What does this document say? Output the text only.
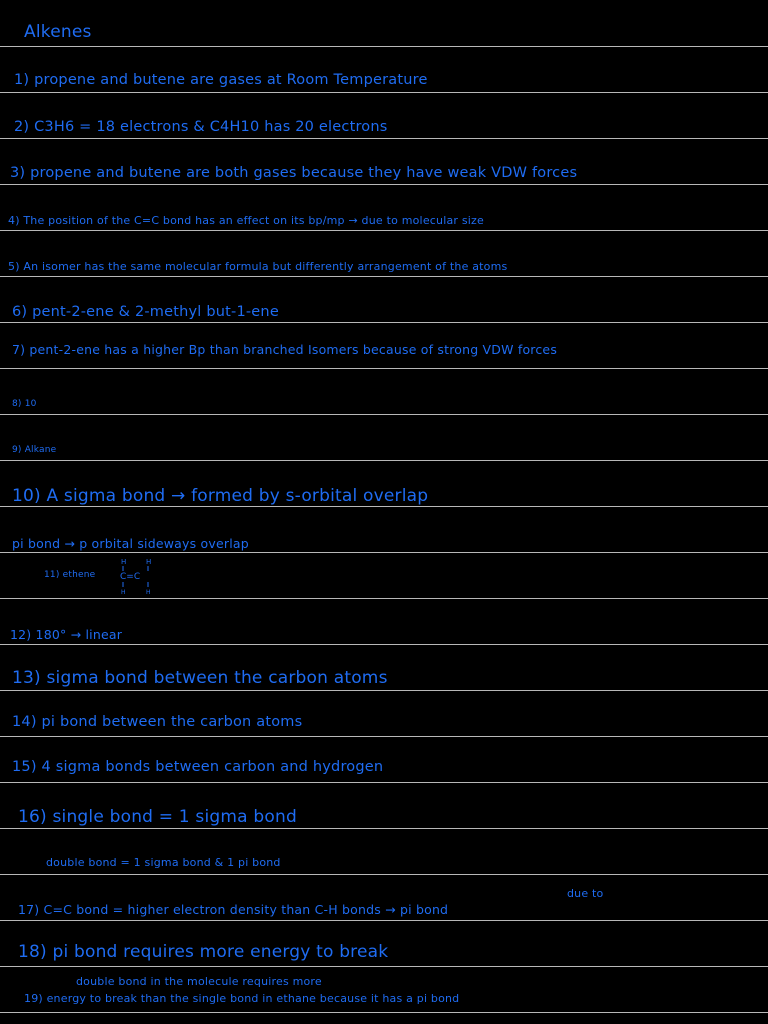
Alkenes
1) propene and butene are gases at Room Temperature
2) C3H6 = 18 electrons & C4H10 has 20 electrons
3) propene and butene are both gases because they have weak VDW forces
4) The position of the C=C bond has an effect on its bp/mp → due to molecular size
5) An isomer has the same molecular formula but differently arrangement of the atoms
6) pent-2-ene & 2-methyl but-1-ene
7) pent-2-ene has a higher Bp than branched Isomers because of strong VDW forces
8) 10
9) Alkane
10) A sigma bond → formed by s-orbital overlap
pi bond → p orbital sideways overlap
11) ethene
H	H
C=C
H	H
12) 180° → linear
13) sigma bond between the carbon atoms
14) pi bond between the carbon atoms
15) 4 sigma bonds between carbon and hydrogen
16) single bond = 1 sigma bond
double bond = 1 sigma bond & 1 pi bond
due to
17) C=C bond = higher electron density than C-H bonds → pi bond
18) pi bond requires more energy to break
double bond in the molecule requires more
19) energy to break than the single bond in ethane because it has a pi bond
